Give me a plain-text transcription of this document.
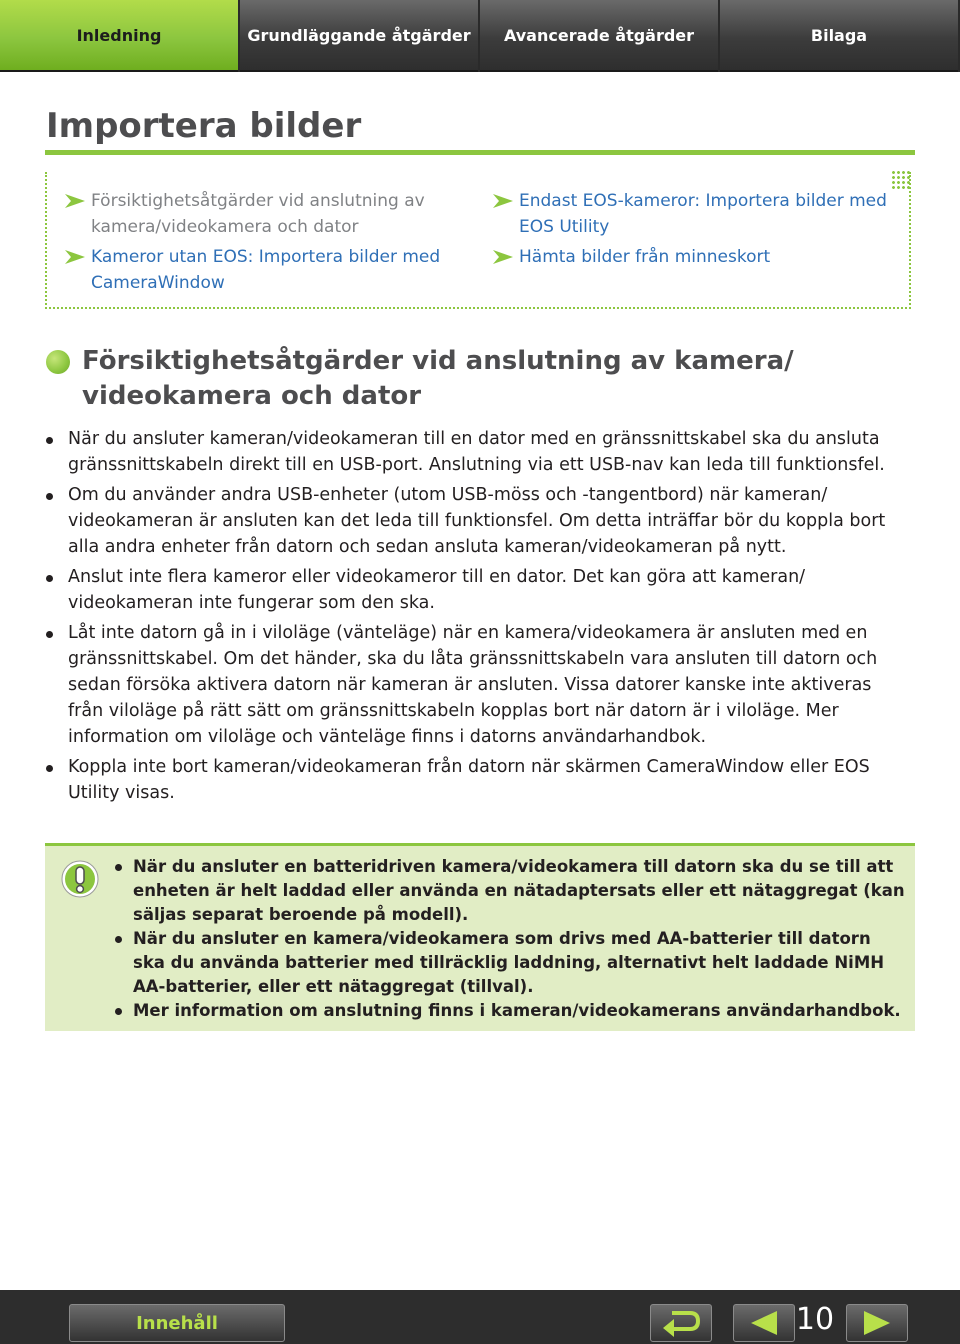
Inledning	Grundläggande åtgärder Avancerade åtgärder	Bilaga
Importera bilder
Försiktighetsåtgärder vid anslutning av kamera/videokamera och dator
Kameror utan EOS: Importera bilder med CameraWindow
Endast EOS-kameror: Importera bilder med EOS Utility
Hämta bilder från minneskort
Försiktighetsåtgärder vid anslutning av kamera/
videokamera och dator
När du ansluter kameran/videokameran till en dator med en gränssnittskabel ska du ansluta gränssnittskabeln direkt till en USB-port. Anslutning via ett USB-nav kan leda till funktionsfel.
Om du använder andra USB-enheter (utom USB-möss och -tangentbord) när kameran/ videokameran är ansluten kan det leda till funktionsfel. Om detta inträffar bör du koppla bort alla andra enheter från datorn och sedan ansluta kameran/videokameran på nytt.
Anslut inte flera kameror eller videokameror till en dator. Det kan göra att kameran/ videokameran inte fungerar som den ska.
Låt inte datorn gå in i viloläge (vänteläge) när en kamera/videokamera är ansluten med en gränssnittskabel. Om det händer, ska du låta gränssnittskabeln vara ansluten till datorn och sedan försöka aktivera datorn när kameran är ansluten. Vissa datorer kanske inte aktiveras från viloläge på rätt sätt om gränssnittskabeln kopplas bort när datorn är i viloläge. Mer information om viloläge och vänteläge finns i datorns användarhandbok.
Koppla inte bort kameran/videokameran från datorn när skärmen CameraWindow eller EOS Utility visas.
När du ansluter en batteridriven kamera/videokamera till datorn ska du se till att enheten är helt laddad eller använda en nätadaptersats eller ett nätaggregat (kan säljas separat beroende på modell).
När du ansluter en kamera/videokamera som drivs med AA-batterier till datorn ska du använda batterier med tillräcklig laddning, alternativt helt laddade NiMH AA-batterier, eller ett nätaggregat (tillval).
Mer information om anslutning finns i kameran/videokamerans användarhandbok.
Innehåll	10
